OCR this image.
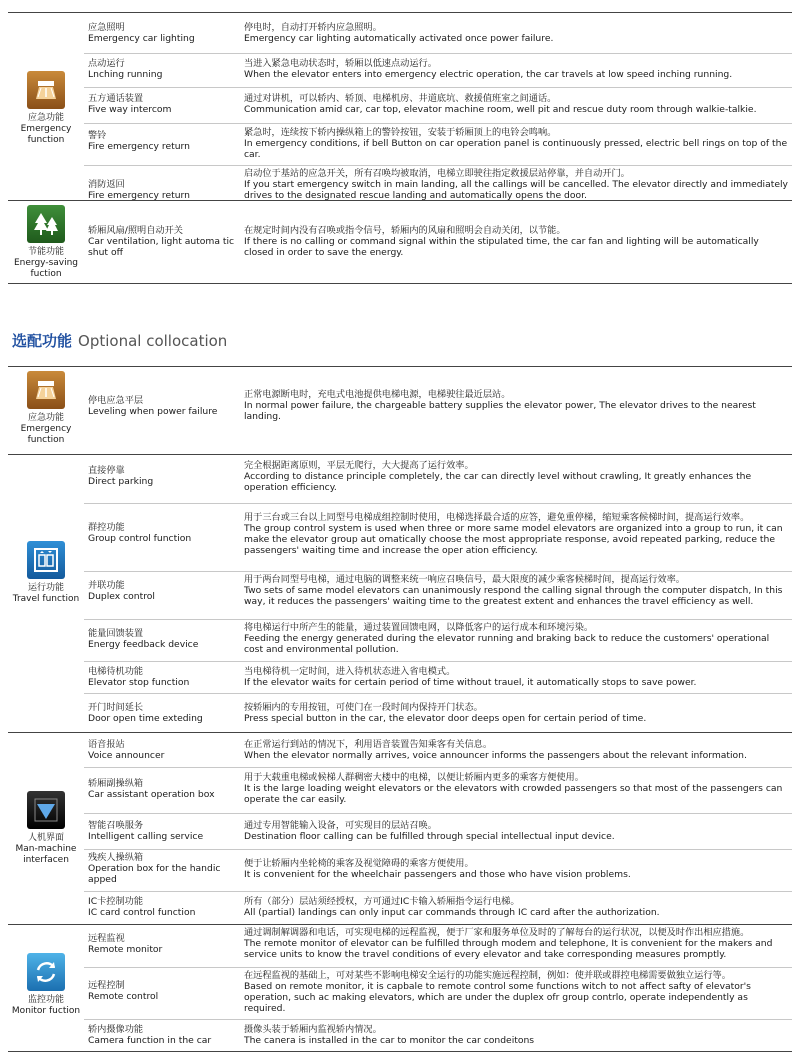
应急功能
Emergency function
应急照明
Emergency car lighting
停电时，自动打开轿内应急照明。
Emergency car lighting automatically activated once power failure.
点动运行
Lnching running
当进入紧急电动状态时，轿厢以低速点动运行。
When the elevator enters into emergency electric operation, the car travels at low speed inching running.
五方通话装置
Five way intercom
通过对讲机，可以轿内、轿顶、电梯机房、井道底坑、救援值班室之间通话。
Communication amid car, car top, elevator machine room, well pit and rescue duty room through walkie-talkie.
警铃
Fire emergency return
紧急时，连续按下轿内操纵箱上的警铃按钮，安装于轿厢顶上的电铃会鸣响。
In emergency conditions, if bell Button on car operation panel is continuously pressed, electric bell rings on top of the car.
消防返回
Fire emergency return
启动位于基站的应急开关，所有召唤均被取消，电梯立即驶往指定救援层站停靠，并自动开门。
If you start emergency switch in main landing, all the callings will be cancelled. The elevator directly and immediately drives to the designated rescue landing and automatically opens the door.
节能功能
Energy-saving fuction
轿厢风扇/照明自动开关
Car ventilation, light automa tic shut off
在规定时间内没有召唤或指令信号，轿厢内的风扇和照明会自动关闭，以节能。
If there is no calling or command signal within the stipulated time, the car fan and lighting will be automatically closed in order to save the energy.
选配功能 Optional collocation
应急功能
Emergency function
停电应急平层
Leveling when power failure
正常电源断电时，充电式电池提供电梯电源，电梯驶往最近层站。
In normal power failure, the chargeable battery supplies the elevator power, The elevator drives to the nearest landing.
运行功能
Travel function
直接停靠
Direct parking
完全根据距离原则，平层无爬行，大大提高了运行效率。
According to distance principle completely, the car can directly level without crawling, It greatly enhances the operation efficiency.
群控功能
Group control function
用于三台或三台以上同型号电梯成组控制时使用，电梯选择最合适的应答，避免重停梯，缩短乘客候梯时间，提高运行效率。
The group control system is used when three or more same model elevators are organized into a group to run, it can make the elevator group aut omatically choose the most appropriate response, avoid repeated parking, reduce the passengers' waiting time and increase the oper ation efficiency.
并联功能
Duplex control
用于两台同型号电梯，通过电脑的调整来统一响应召唤信号，最大限度的减少乘客候梯时间，提高运行效率。
Two sets of same model elevators can unanimously respond the calling signal through the computer dispatch, In this way, it reduces the passengers' waiting time to the greatest extent and enhances the travel efficiency as well.
能量回馈装置
Energy feedback device
将电梯运行中所产生的能量，通过装置回馈电网，以降低客户的运行成本和环境污染。
Feeding the energy generated during the elevator running and braking back to reduce the customers' operational cost and environmental pollution.
电梯待机功能
Elevator stop function
当电梯待机一定时间，进入待机状态进入省电模式。
If the elevator waits for certain period of time without trauel, it automatically stops to save power.
开门时间延长
Door open time exteding
按轿厢内的专用按钮，可使门在一段时间内保持开门状态。
Press special button in the car, the elevator door deeps open for certain period of time.
人机界面
Man-machine interfacen
语音报站
Voice announcer
在正常运行到站的情况下，利用语音装置告知乘客有关信息。
When the elevator normally arrives, voice announcer informs the passengers about the relevant information.
轿厢副操纵箱
Car assistant operation box
用于大载重电梯或候梯人群稠密大楼中的电梯，以便让轿厢内更多的乘客方便使用。
It is the large loading weight elevators or the elevators with crowded passengers so that most of the passengers can operate the car easily.
智能召唤服务
Intelligent calling service
通过专用智能输入设备，可实现目的层站召唤。
Destination floor calling can be fulfilled through special intellectual input device.
残疾人操纵箱
Operation box for the handic apped
便于让轿厢内坐轮椅的乘客及视觉障碍的乘客方便使用。
It is convenient for the wheelchair passengers and those who have vision problems.
IC卡控制功能
IC card control function
所有（部分）层站须经授权，方可通过IC卡输入轿厢指令运行电梯。
All (partial) landings can only input car commands through IC card after the authorization.
监控功能
Monitor fuction
远程监视
Remote monitor
通过调制解调器和电话，可实现电梯的远程监视，便于厂家和服务单位及时的了解每台的运行状况，以便及时作出相应措施。
The remote monitor of elevator can be fulfilled through modem and telephone, It is convenient for the makers and service units to know the travel conditions of every elevator and take corresponding measures promptly.
远程控制
Remote control
在远程监视的基础上，可对某些不影响电梯安全运行的功能实施远程控制，例如：使并联或群控电梯需要做独立运行等。
Based on remote monitor, it is capbale to remote control some functions witch to not affect safty of elevator's operation, such ac making elevators, which are under the duplex ofr group contrlo, operate independently as required.
轿内摄像功能
Camera function in the car
摄像头装于轿厢内监视轿内情况。
The canera is installed in the car to monitor the car condeitons
